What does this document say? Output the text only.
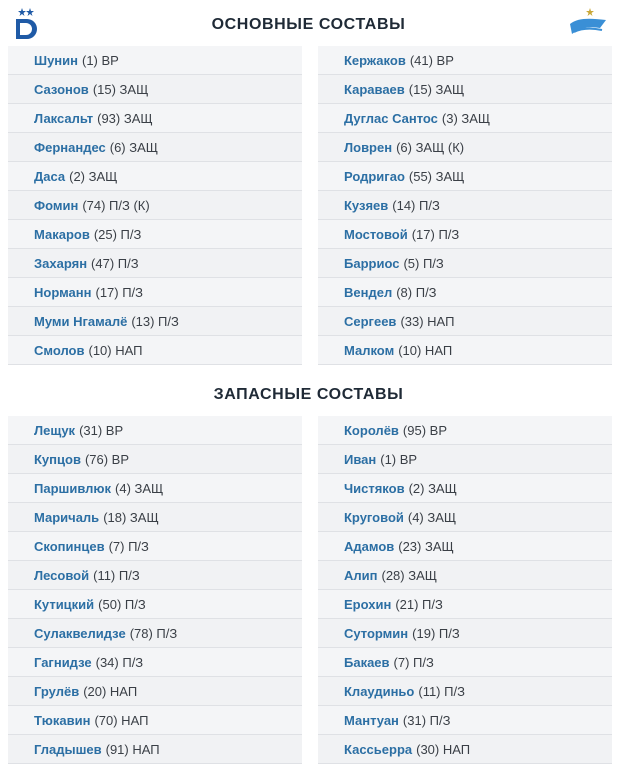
ОСНОВНЫЕ СОСТАВЫ
Шунин (1) ВР
Сазонов (15) ЗАЩ
Лаксальт (93) ЗАЩ
Фернандес (6) ЗАЩ
Даса (2) ЗАЩ
Фомин (74) П/З (К)
Макаров (25) П/З
Захарян (47) П/З
Норманн (17) П/З
Муми Нгамалё (13) П/З
Смолов (10) НАП
Кержаков (41) ВР
Караваев (15) ЗАЩ
Дуглас Сантос (3) ЗАЩ
Ловрен (6) ЗАЩ (К)
Родригао (55) ЗАЩ
Кузяев (14) П/З
Мостовой (17) П/З
Барриос (5) П/З
Вендел (8) П/З
Сергеев (33) НАП
Малком (10) НАП
ЗАПАСНЫЕ СОСТАВЫ
Лещук (31) ВР
Купцов (76) ВР
Паршивлюк (4) ЗАЩ
Маричаль (18) ЗАЩ
Скопинцев (7) П/З
Лесовой (11) П/З
Кутицкий (50) П/З
Сулаквелидзе (78) П/З
Гагнидзе (34) П/З
Грулёв (20) НАП
Тюкавин (70) НАП
Гладышев (91) НАП
Королёв (95) ВР
Иван (1) ВР
Чистяков (2) ЗАЩ
Круговой (4) ЗАЩ
Адамов (23) ЗАЩ
Алип (28) ЗАЩ
Ерохин (21) П/З
Сутормин (19) П/З
Бакаев (7) П/З
Клаудиньо (11) П/З
Мантуан (31) П/З
Кассьерра (30) НАП
